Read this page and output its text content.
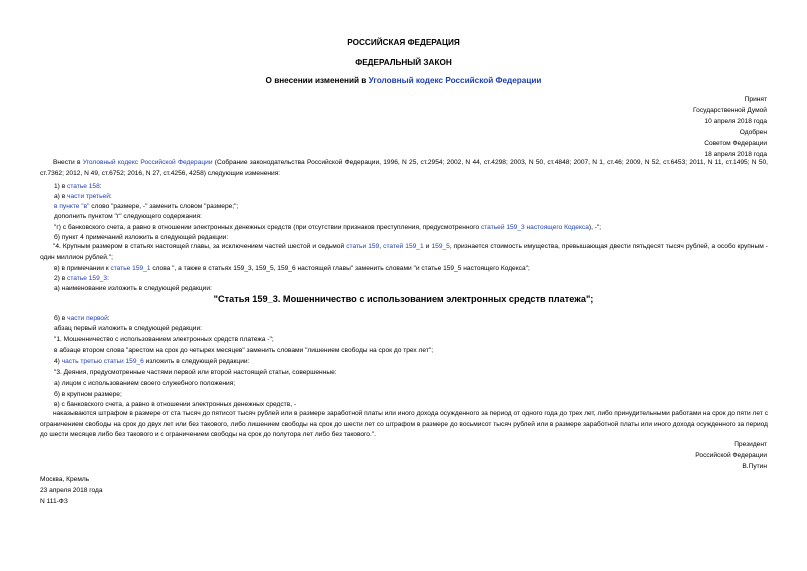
РОССИЙСКАЯ ФЕДЕРАЦИЯ
ФЕДЕРАЛЬНЫЙ ЗАКОН
О внесении изменений в Уголовный кодекс Российской Федерации
Принят
Государственной Думой
10 апреля 2018 года
Одобрен
Советом Федерации
18 апреля 2018 года
Внести в Уголовный кодекс Российской Федерации (Собрание законодательства Российской Федерации, 1996, N 25, ст.2954; 2002, N 44, ст.4298; 2003, N 50, ст.4848; 2007, N 1, ст.46; 2009, N 52, ст.6453; 2011, N 11, ст.1495; N 50, ст.7362; 2012, N 49, ст.6752; 2016, N 27, ст.4256, 4258) следующие изменения:
1) в статье 158:
а) в части третьей:
в пункте "в" слово "размере, -" заменить словом "размере;";
дополнить пунктом "г" следующего содержания:
"г) с банковского счета, а равно в отношении электронных денежных средств (при отсутствии признаков преступления, предусмотренного статьей 159_3 настоящего Кодекса), -";
б) пункт 4 примечаний изложить в следующей редакции:
"4. Крупным размером в статьях настоящей главы, за исключением частей шестой и седьмой статьи 159, статей 159_1 и 159_5, признается стоимость имущества, превышающая двести пятьдесят тысяч рублей, а особо крупным - один миллион рублей.";
в) в примечании к статье 159_1 слова ", а также в статьях 159_3, 159_5, 159_6 настоящей главы" заменить словами "и статье 159_5 настоящего Кодекса";
2) в статье 159_3:
а) наименование изложить в следующей редакции:
"Статья 159_3. Мошенничество с использованием электронных средств платежа";
б) в части первой:
абзац первый изложить в следующей редакции:
"1. Мошенничество с использованием электронных средств платежа -";
в абзаце втором слова "арестом на срок до четырех месяцев" заменить словами "лишением свободы на срок до трех лет";
4) часть третью статьи 159_6 изложить в следующей редакции:
"3. Деяния, предусмотренные частями первой или второй настоящей статьи, совершенные:
а) лицом с использованием своего служебного положения;
б) в крупном размере;
в) с банковского счета, а равно в отношении электронных денежных средств, -
наказываются штрафом в размере от ста тысяч до пятисот тысяч рублей или в размере заработной платы или иного дохода осужденного за период от одного года до трех лет, либо принудительными работами на срок до пяти лет с ограничением свободы на срок до двух лет или без такового, либо лишением свободы на срок до шести лет со штрафом в размере до восьмисот тысяч рублей или в размере заработной платы или иного дохода осужденного за период до шести месяцев либо без такового и с ограничением свободы на срок до полутора лет либо без такового.".
Президент
Российской Федерации
В.Путин
Москва, Кремль
23 апреля 2018 года
N 111-ФЗ
